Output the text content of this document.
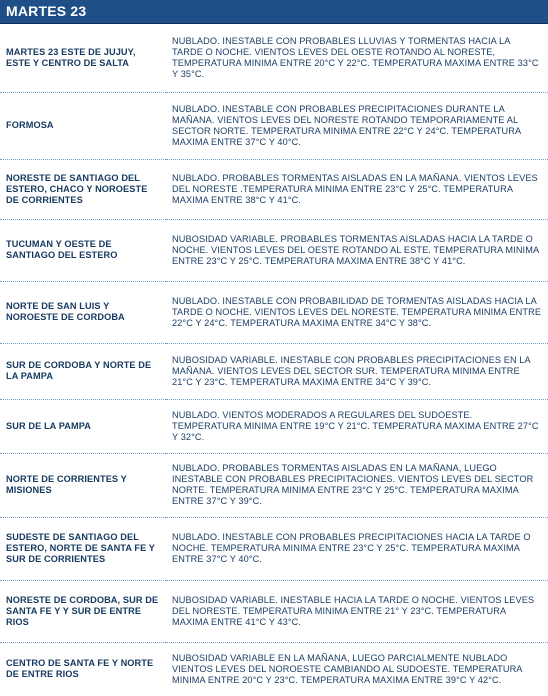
MARTES 23
MARTES 23 ESTE DE JUJUY, ESTE Y CENTRO DE SALTA	NUBLADO. INESTABLE CON PROBABLES LLUVIAS Y TORMENTAS HACIA LA TARDE O NOCHE. VIENTOS LEVES DEL OESTE ROTANDO AL NORESTE, TEMPERATURA MINIMA ENTRE 20°C Y 22°C. TEMPERATURA MAXIMA ENTRE 33°C Y 35°C.
FORMOSA	NUBLADO. INESTABLE CON PROBABLES PRECIPITACIONES DURANTE LA MAÑANA. VIENTOS LEVES DEL NORESTE ROTANDO TEMPORARIAMENTE AL SECTOR NORTE. TEMPERATURA MINIMA ENTRE 22°C Y 24°C. TEMPERATURA MAXIMA ENTRE 37°C Y 40°C.
NORESTE DE SANTIAGO DEL ESTERO, CHACO Y NOROESTE DE CORRIENTES	NUBLADO. PROBABLES TORMENTAS AISLADAS EN LA MAÑANA. VIENTOS LEVES DEL NORESTE .TEMPERATURA MINIMA ENTRE 23°C Y 25°C. TEMPERATURA MAXIMA ENTRE 38°C Y 41°C.
TUCUMAN Y OESTE DE SANTIAGO DEL ESTERO	NUBOSIDAD VARIABLE. PROBABLES TORMENTAS AISLADAS HACIA LA TARDE O NOCHE. VIENTOS LEVES DEL OESTE ROTANDO AL ESTE. TEMPERATURA MINIMA ENTRE 23°C Y 25°C. TEMPERATURA MAXIMA ENTRE 38°C Y 41°C.
NORTE DE SAN LUIS Y NOROESTE DE CORDOBA	NUBLADO. INESTABLE CON PROBABILIDAD DE TORMENTAS AISLADAS HACIA LA TARDE O NOCHE. VIENTOS LEVES DEL NORESTE. TEMPERATURA MINIMA ENTRE 22°C Y 24°C. TEMPERATURA MAXIMA ENTRE 34°C Y 38°C.
SUR DE CORDOBA Y NORTE DE LA PAMPA	NUBOSIDAD VARIABLE. INESTABLE CON PROBABLES PRECIPITACIONES EN LA MAÑANA. VIENTOS LEVES DEL SECTOR SUR. TEMPERATURA MINIMA ENTRE 21°C Y 23°C. TEMPERATURA MAXIMA ENTRE 34°C Y 39°C.
SUR DE LA PAMPA	NUBLADO. VIENTOS MODERADOS A REGULARES DEL SUDOESTE. TEMPERATURA MINIMA ENTRE 19°C Y 21°C. TEMPERATURA MAXIMA ENTRE 27°C Y 32°C.
NORTE DE CORRIENTES Y MISIONES	NUBLADO. PROBABLES TORMENTAS AISLADAS EN LA MAÑANA, LUEGO INESTABLE CON PROBABLES PRECIPITACIONES. VIENTOS LEVES DEL SECTOR NORTE. TEMPERATURA MINIMA ENTRE 23°C Y 25°C. TEMPERATURA MAXIMA ENTRE 37°C Y 39°C.
SUDESTE DE SANTIAGO DEL ESTERO, NORTE DE SANTA FE Y SUR DE CORRIENTES	NUBLADO. INESTABLE CON PROBABLES PRECIPITACIONES HACIA LA TARDE O NOCHE. TEMPERATURA MINIMA ENTRE 23°C Y 25°C. TEMPERATURA MAXIMA ENTRE 37°C Y 40°C.
NORESTE DE CORDOBA, SUR DE SANTA FE Y Y SUR DE ENTRE RIOS	NUBOSIDAD VARIABLE. INESTABLE HACIA LA TARDE O NOCHE. VIENTOS LEVES DEL NORESTE. TEMPERATURA MINIMA ENTRE 21° Y 23°C. TEMPERATURA MAXIMA ENTRE 41°C Y 43°C.
CENTRO DE SANTA FE Y NORTE DE ENTRE RIOS	NUBOSIDAD VARIABLE EN LA MAÑANA, LUEGO PARCIALMENTE NUBLADO VIENTOS LEVES DEL NOROESTE CAMBIANDO AL SUDOESTE. TEMPERATURA MINIMA ENTRE 20°C Y 23°C. TEMPERATURA MAXIMA ENTRE 39°C Y 42°C.
